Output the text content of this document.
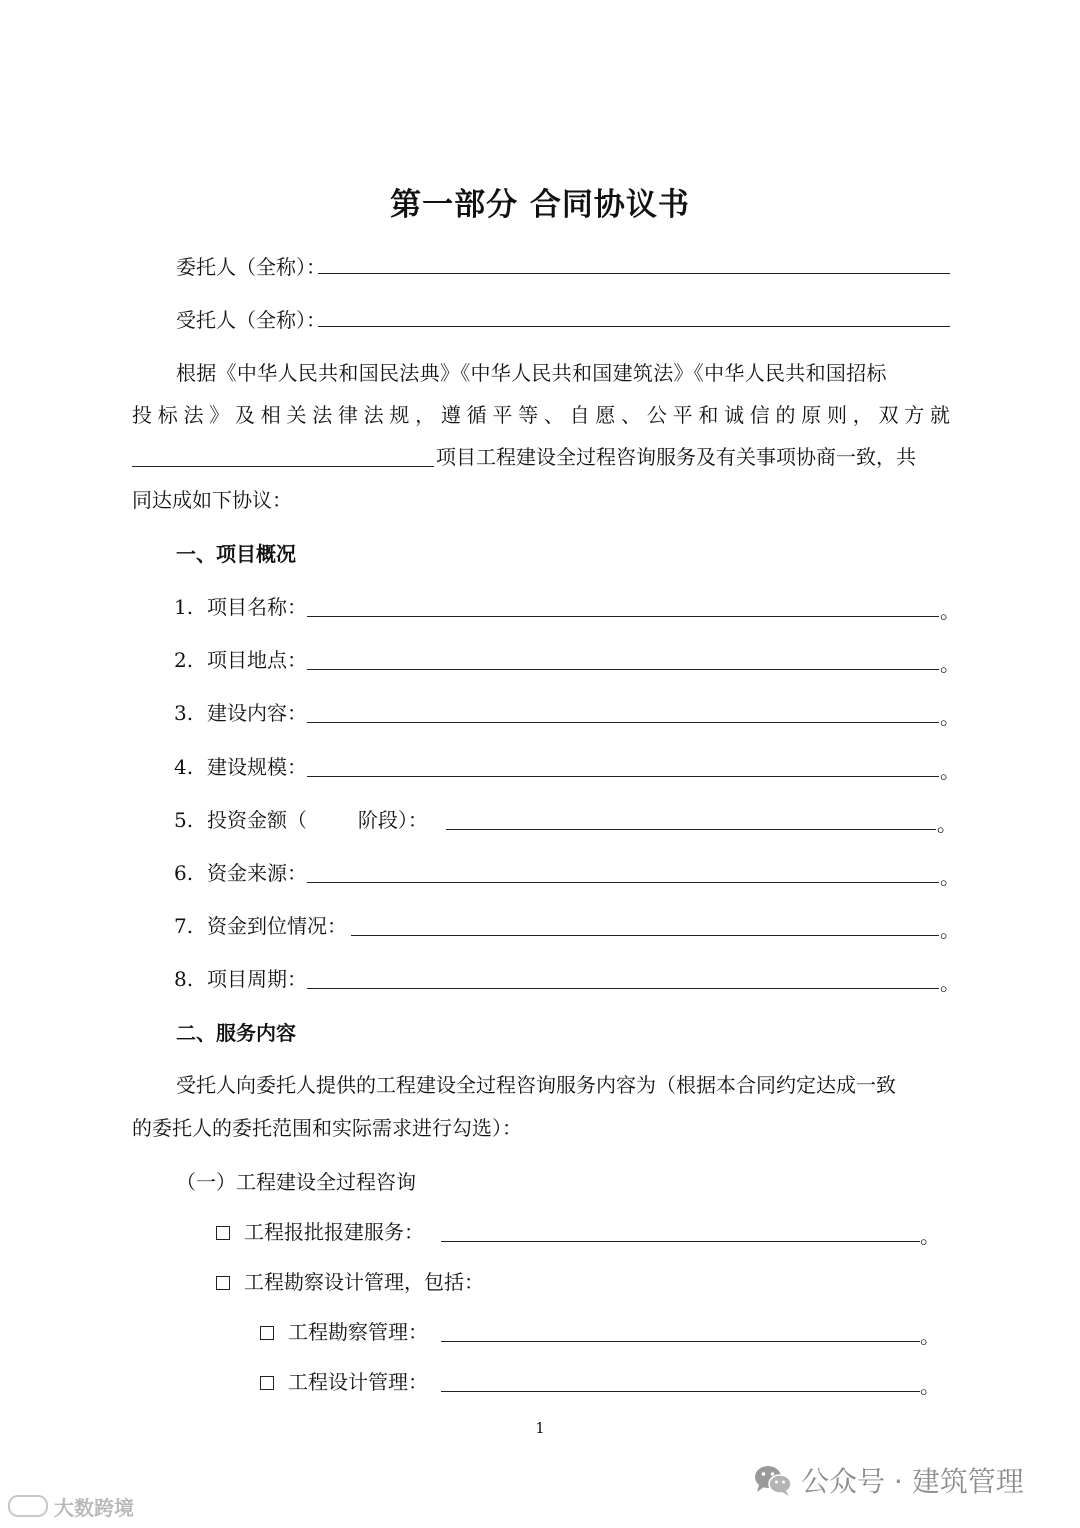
第一部分 合同协议书
委托人（全称）：
受托人（全称）：
根据《中华人民共和国民法典》《中华人民共和国建筑法》《中华人民共和国招标
投标法》及相关法律法规，遵循平等、自愿、公平和诚信的原则，双方就
项目工程建设全过程咨询服务及有关事项协商一致，共
同达成如下协议：
一、项目概况
1. 项目名称：	。
2. 项目地点：	。
3. 建设内容：	。
4. 建设规模：	。
5. 投资金额（        阶段）：	。
6. 资金来源：	。
7. 资金到位情况：	。
8. 项目周期：	。
二、服务内容
受托人向委托人提供的工程建设全过程咨询服务内容为（根据本合同约定达成一致
的委托人的委托范围和实际需求进行勾选）：
（一）工程建设全过程咨询
工程报批报建服务：	。
工程勘察设计管理，包括：
工程勘察管理：	。
工程设计管理：	。
1
大数跨境
公众号 · 建筑管理
